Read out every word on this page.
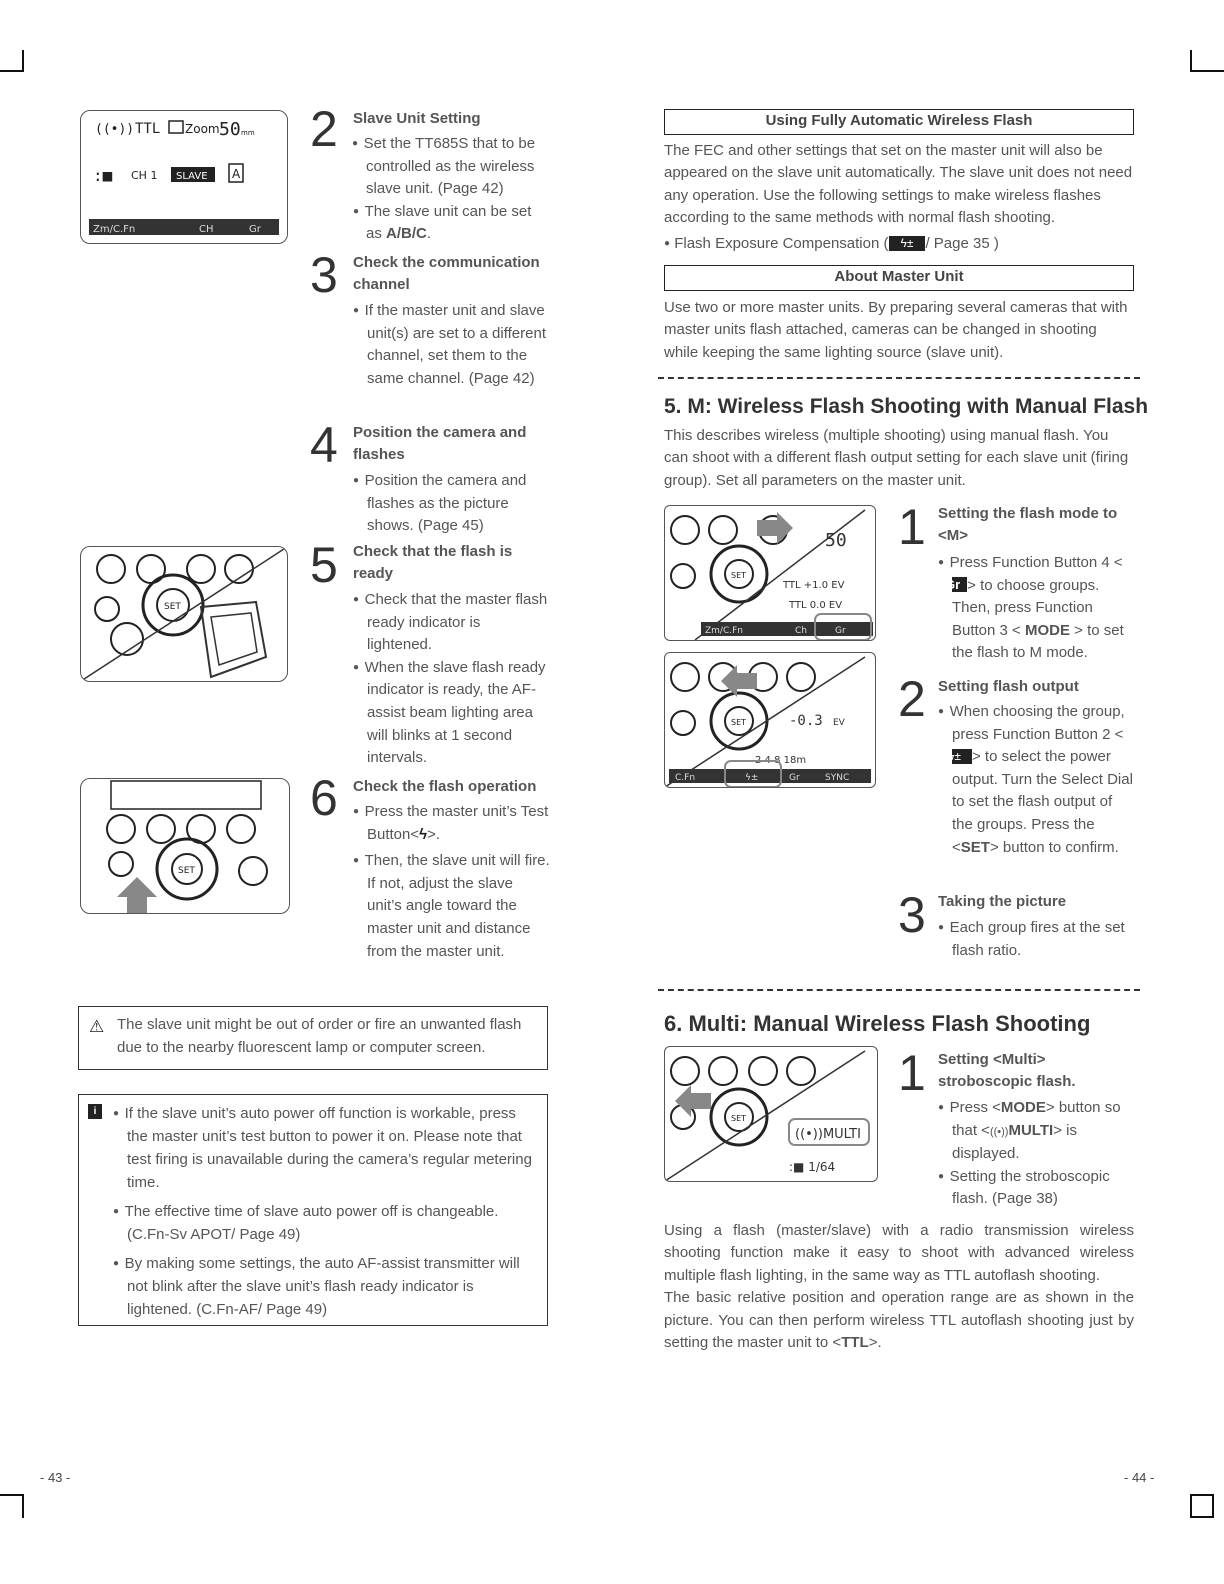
((•)) TTL Zoom 50 mm
:■ CH 1 SLAVE A
Zm/C.Fn	CH	Gr
SET
SET
2 Slave Unit Setting

●  Set the TT685S that to be controlled as the wireless slave unit. (Page 42)

●  The slave unit can be set as A/B/C.

3 Check the communication channel

●  If the master unit and slave unit(s) are set to a different channel, set them to the same channel. (Page 42)

4 Position the camera and flashes

●  Position the camera and flashes as the picture shows. (Page 45)

5 Check that the flash is ready

●  Check that the master flash ready indicator is lightened.

●  When the slave flash ready indicator is ready, the AF-assist beam lighting area will blinks at 1 second intervals.

6 Check the flash operation

●  Press the master unit’s Test Button<ϟ>.

●  Then, the slave unit will fire. If not, adjust the slave unit’s angle toward the master unit and distance from the master unit.

⚠ The slave unit might be out of order or fire an unwanted flash due to the nearby fluorescent lamp or computer screen.

i

●	If the slave unit’s auto power off function is workable, press the master unit’s test button to power it on. Please note that test firing is unavailable during the camera’s regular metering time.

●  The effective time of slave auto power off is changeable. (C.Fn-Sv APOT/ Page 49)

●  By making some settings, the auto AF-assist transmitter will not blink after the slave unit’s flash ready indicator is lightened. (C.Fn-AF/ Page 49)

- 43 -
Using Fully Automatic Wireless Flash
The FEC and other settings that set on the master unit will also be appeared on the slave unit automatically. The slave unit does not need any operation. Use the following settings to make wireless flashes according to the same methods with normal flash shooting.
● Flash Exposure Compensation ( ϟ± / Page 35 )
About Master Unit
Use two or more master units. By preparing several cameras that with master units flash attached, cameras can be changed in shooting while keeping the same lighting source (slave unit).
5. M: Wireless Flash Shooting with Manual Flash
This describes wireless (multiple shooting) using manual flash. You can shoot with a different flash output setting for each slave unit (firing group). Set all parameters on the master unit.
SET
TTL +1.0 EV
TTL 0.0 EV
50
Zm/C.Fn	Ch	Gr
SET	-0.3 EV
2 4 8 18m
C.Fn	ϟ±	Gr	SYNC
1 Setting the flash mode to <M>

●  Press Function Button 4 <Gr > to choose groups. Then, press Function Button 3 < MODE > to set the flash to M mode.

2 Setting flash output

●  When choosing the group, press Function Button 2 <ϟ± > to select the power output. Turn the Select Dial to set the flash output of the groups. Press the <SET> button to confirm.

3 Taking the picture

●  Each group fires at the set flash ratio.

6. Multi: Manual Wireless Flash Shooting
SET
((•))MULTI
:■ 1/64
1 Setting <Multi> stroboscopic flash.

●  Press <MODE> button so that <((•))MULTI> is displayed.

●  Setting the stroboscopic flash. (Page 38)

Using a flash (master/slave) with a radio transmission wireless shooting function make it easy to shoot with advanced wireless multiple flash lighting, in the same way as TTL autoflash shooting.

The basic relative position and operation range are as shown in the picture. You can then perform wireless TTL autoflash shooting just by setting the master unit to <TTL>.

- 44 -
